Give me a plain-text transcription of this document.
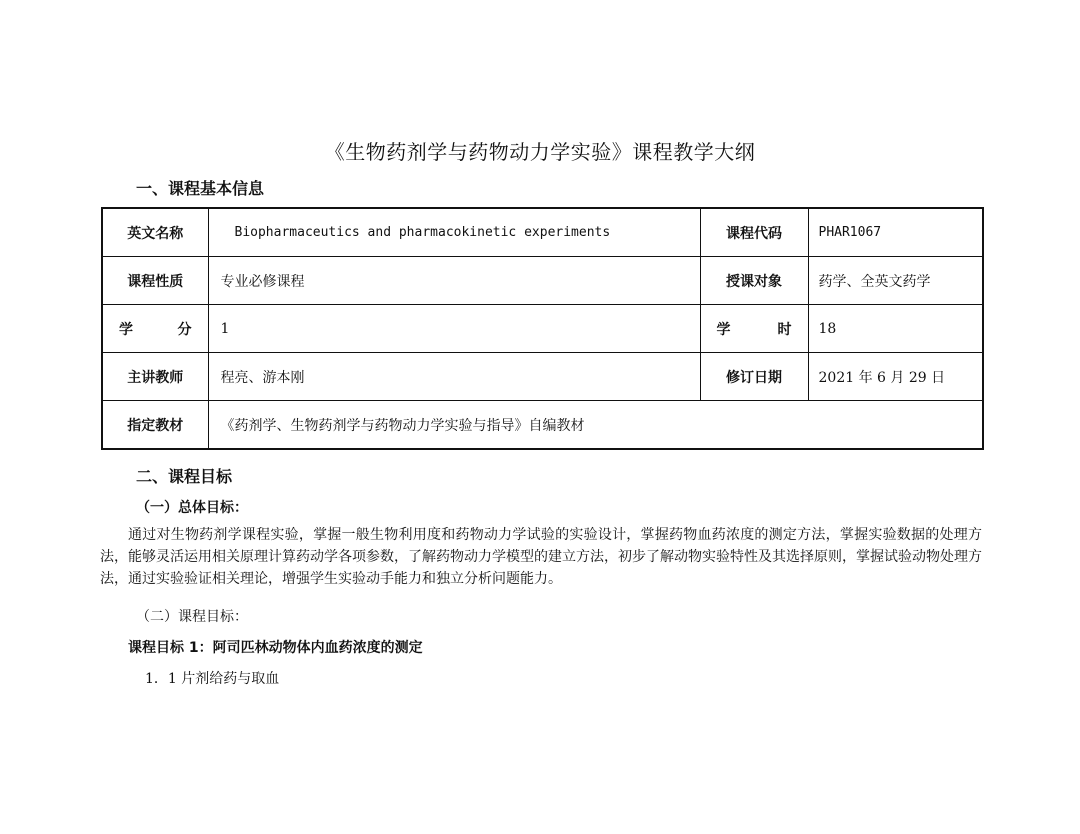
《生物药剂学与药物动力学实验》课程教学大纲
一、课程基本信息
英文名称	Biopharmaceutics and pharmacokinetic experiments	课程代码	PHAR1067
课程性质	专业必修课程	授课对象	药学、全英文药学

学 分	1	学 时	18
主讲教师	程亮、游本刚	修订日期	2021 年 6 月 29 日
指定教材	《药剂学、生物药剂学与药物动力学实验与指导》自编教材		
二、课程目标
（一）总体目标：
通过对生物药剂学课程实验，掌握一般生物利用度和药物动力学试验的实验设计，掌握药物血药浓度的测定方法，掌握实验数据的处理方法，能够灵活运用相关原理计算药动学各项参数，了解药物动力学模型的建立方法，初步了解动物实验特性及其选择原则，掌握试验动物处理方法，通过实验验证相关理论，增强学生实验动手能力和独立分析问题能力。
（二）课程目标：
课程目标 1：阿司匹林动物体内血药浓度的测定
1．1 片剂给药与取血
